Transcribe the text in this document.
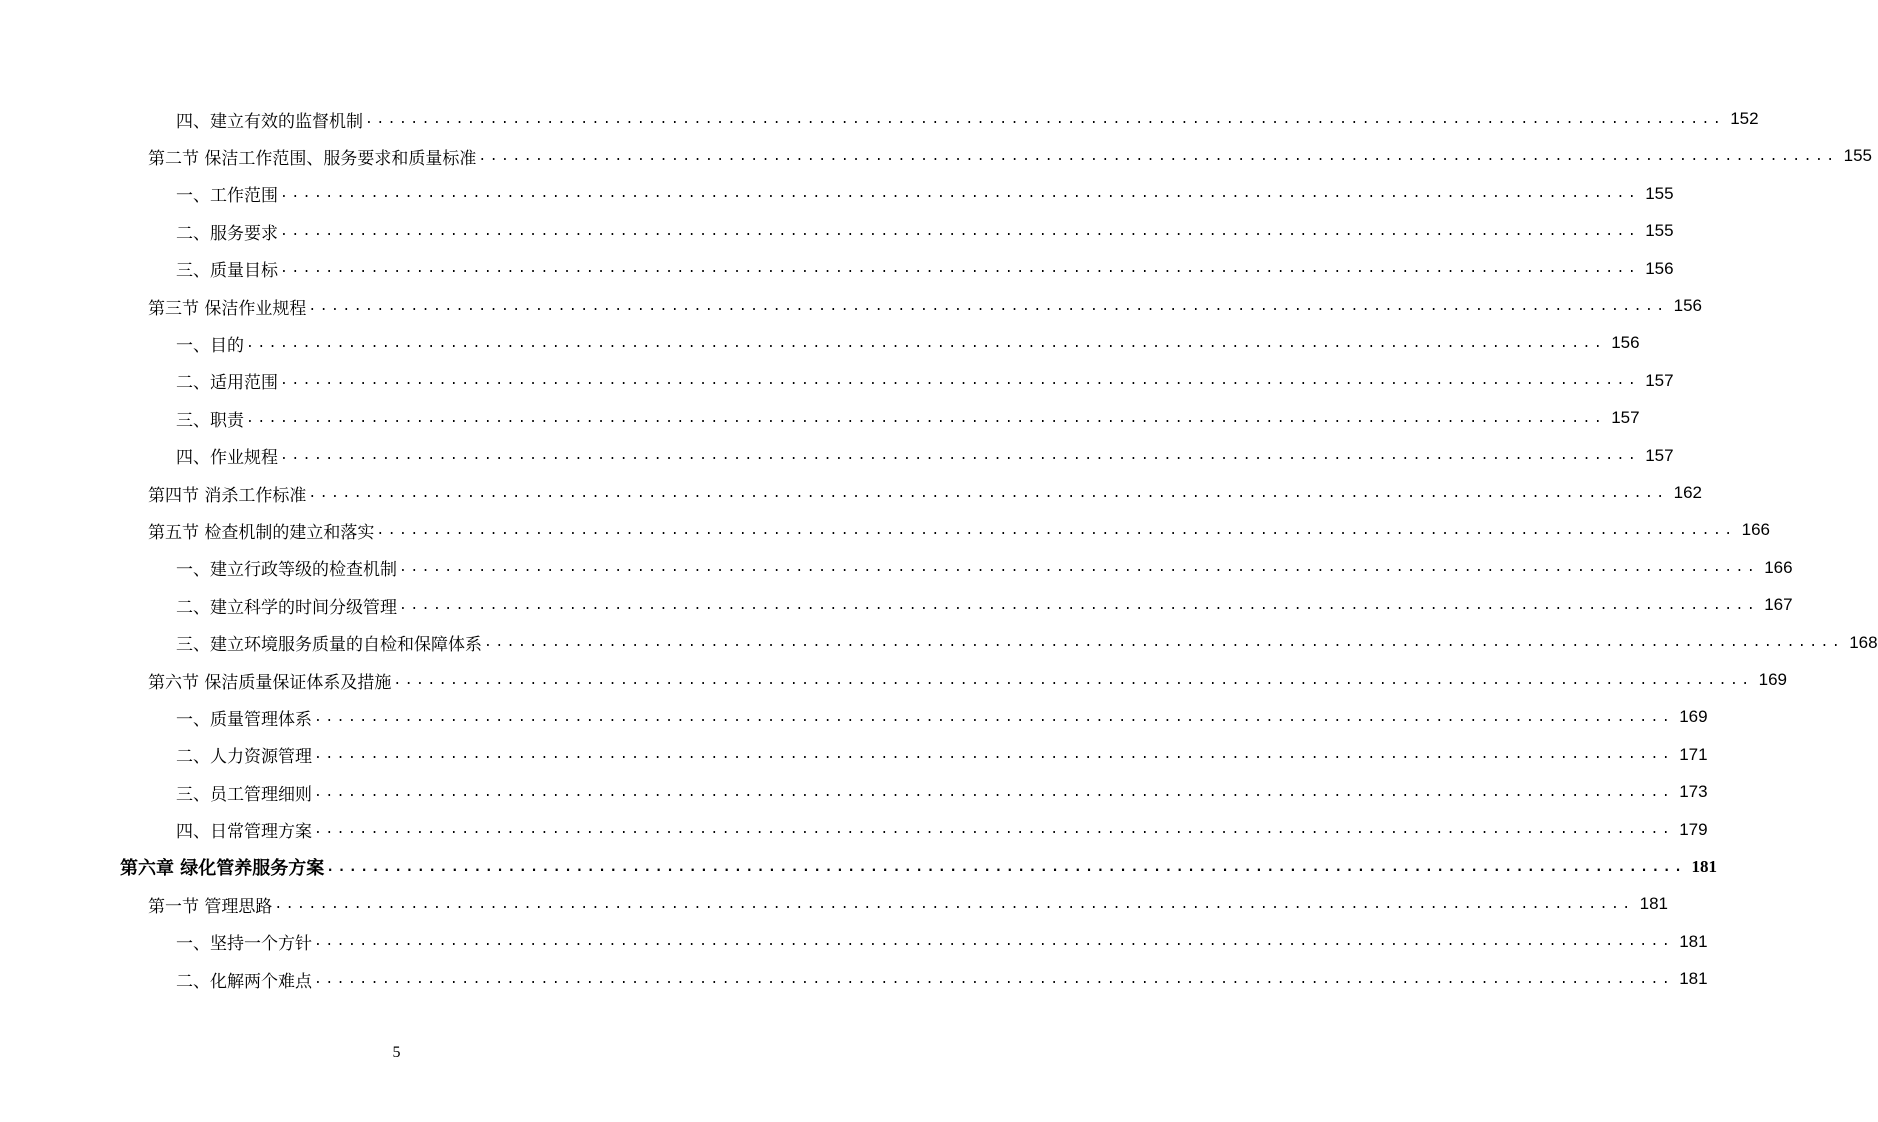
四、建立有效的监督机制 ........................................................................................................................ 152
第二节 保洁工作范围、服务要求和质量标准 ........................................................................................................................ 155
一、工作范围 ........................................................................................................................ 155
二、服务要求 ........................................................................................................................ 155
三、质量目标 ........................................................................................................................ 156
第三节 保洁作业规程 ........................................................................................................................ 156
一、目的 ........................................................................................................................ 156
二、适用范围 ........................................................................................................................ 157
三、职责 ........................................................................................................................ 157
四、作业规程 ........................................................................................................................ 157
第四节 消杀工作标准 ........................................................................................................................ 162
第五节 检查机制的建立和落实 ........................................................................................................................ 166
一、建立行政等级的检查机制 ........................................................................................................................ 166
二、建立科学的时间分级管理 ........................................................................................................................ 167
三、建立环境服务质量的自检和保障体系 ........................................................................................................................ 168
第六节 保洁质量保证体系及措施 ........................................................................................................................ 169
一、质量管理体系 ........................................................................................................................ 169
二、人力资源管理 ........................................................................................................................ 171
三、员工管理细则 ........................................................................................................................ 173
四、日常管理方案 ........................................................................................................................ 179
第六章 绿化管养服务方案 ........................................................................................................................ 181
第一节 管理思路 ........................................................................................................................ 181
一、坚持一个方针 ........................................................................................................................ 181
二、化解两个难点 ........................................................................................................................ 181
5
